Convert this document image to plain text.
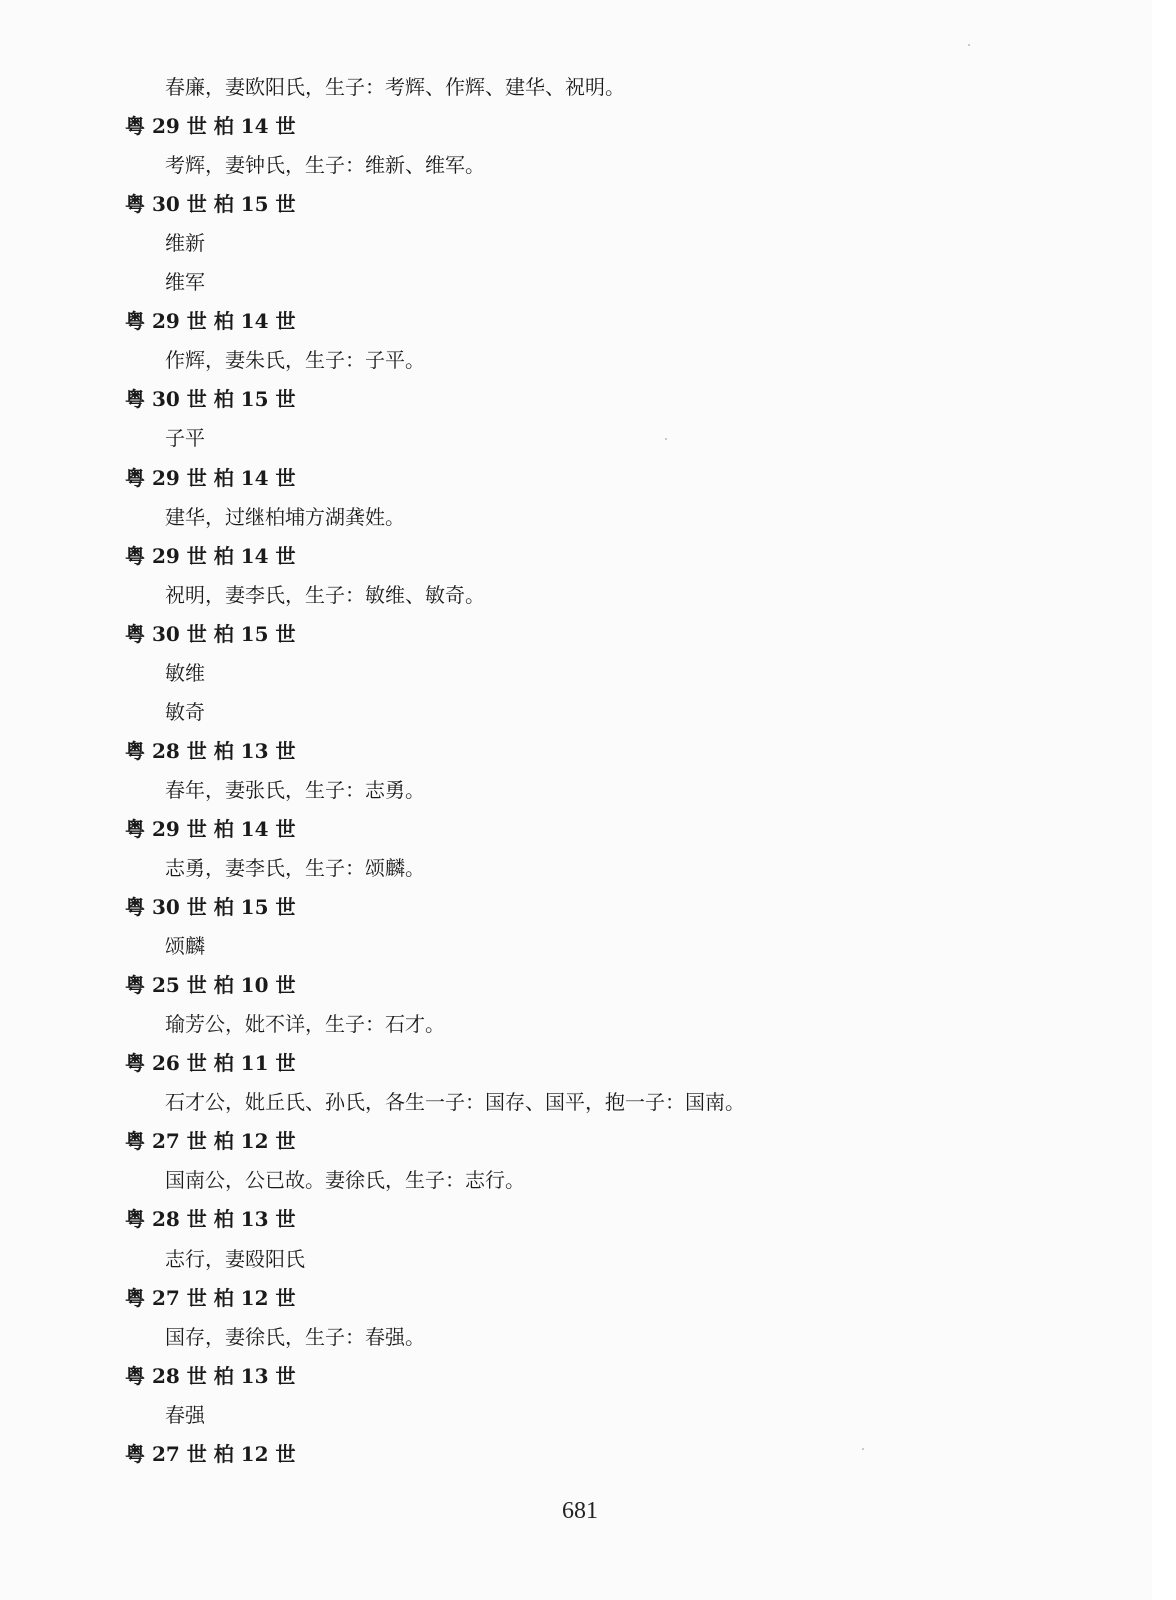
春廉，妻欧阳氏，生子：考辉、作辉、建华、祝明。
粤 29 世 柏 14 世
考辉，妻钟氏，生子：维新、维军。
粤 30 世 柏 15 世
维新
维军
粤 29 世 柏 14 世
作辉，妻朱氏，生子：子平。
粤 30 世 柏 15 世
子平
粤 29 世 柏 14 世
建华，过继柏埔方湖龚姓。
粤 29 世 柏 14 世
祝明，妻李氏，生子：敏维、敏奇。
粤 30 世 柏 15 世
敏维
敏奇
粤 28 世 柏 13 世
春年，妻张氏，生子：志勇。
粤 29 世 柏 14 世
志勇，妻李氏，生子：颂麟。
粤 30 世 柏 15 世
颂麟
粤 25 世 柏 10 世
瑜芳公，妣不详，生子：石才。
粤 26 世 柏 11 世
石才公，妣丘氏、孙氏，各生一子：国存、国平，抱一子：国南。
粤 27 世 柏 12 世
国南公，公已故。妻徐氏，生子：志行。
粤 28 世 柏 13 世
志行，妻殴阳氏
粤 27 世 柏 12 世
国存，妻徐氏，生子：春强。
粤 28 世 柏 13 世
春强
粤 27 世 柏 12 世
681
